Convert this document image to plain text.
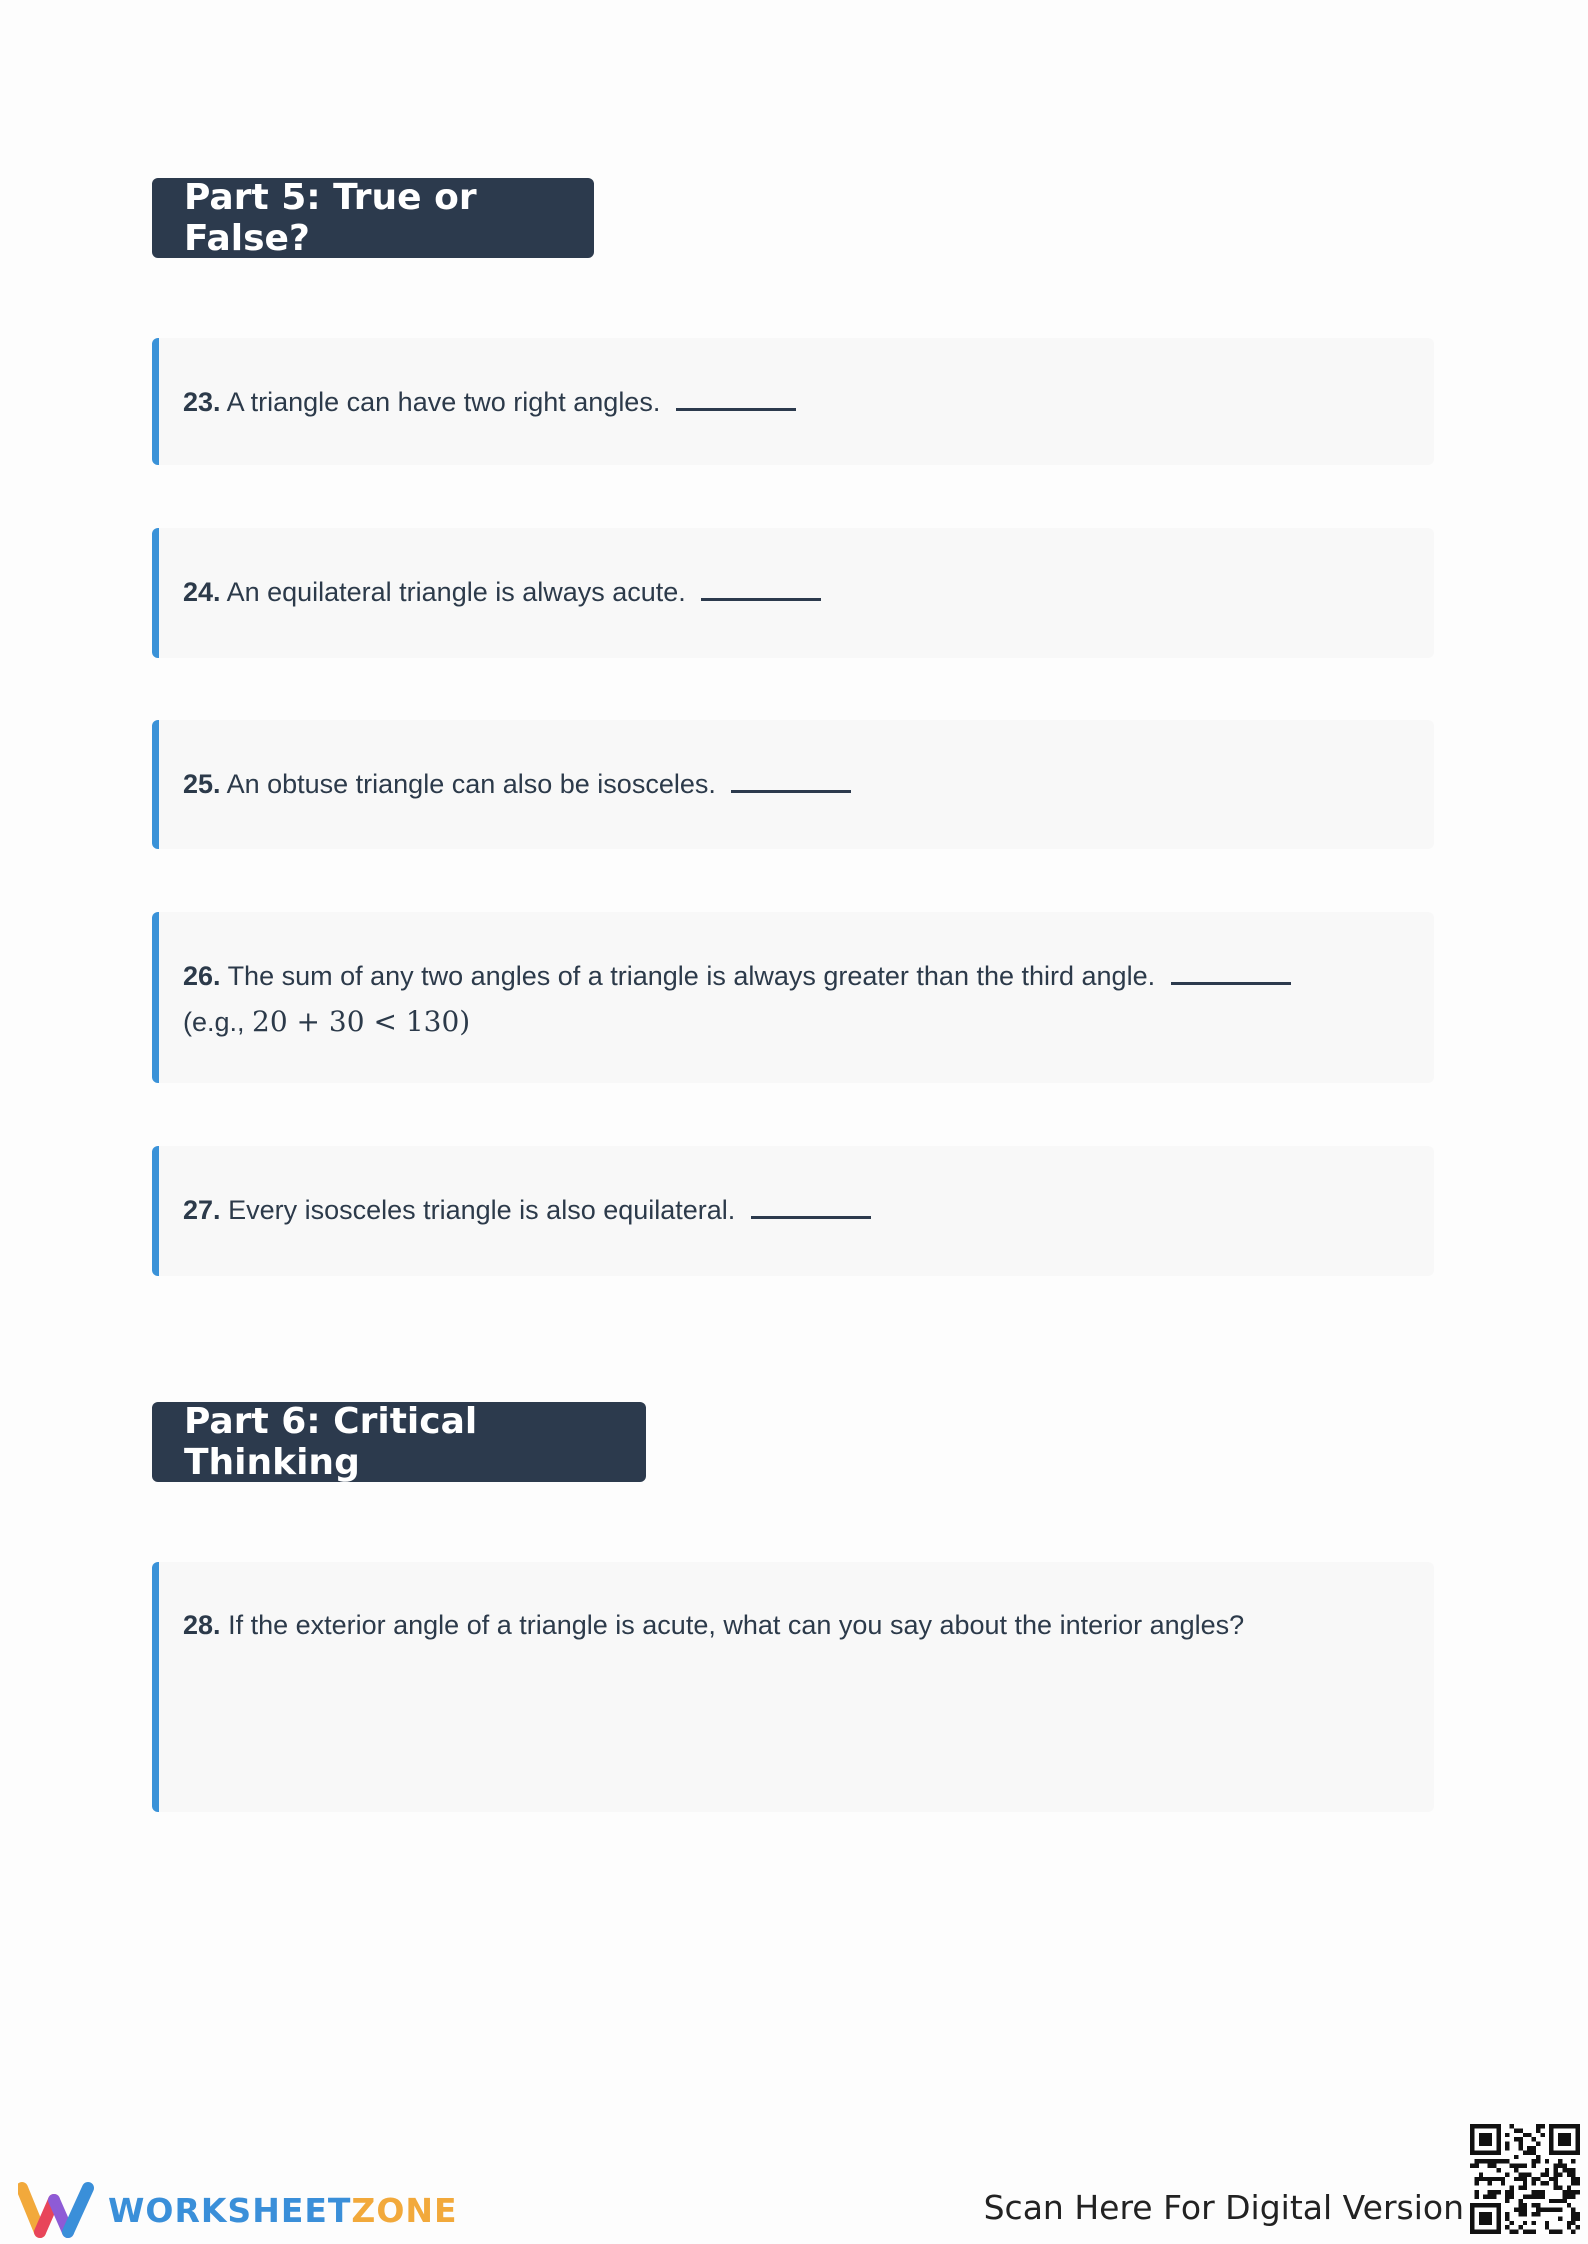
Part 5: True or False?
23. A triangle can have two right angles.
24. An equilateral triangle is always acute.
25. An obtuse triangle can also be isosceles.
26. The sum of any two angles of a triangle is always greater than the third angle.
(e.g., 20 + 30 < 130)
27. Every isosceles triangle is also equilateral.
Part 6: Critical Thinking
28. If the exterior angle of a triangle is acute, what can you say about the interior angles?
WORKSHEETZONE	Scan Here For Digital Version
